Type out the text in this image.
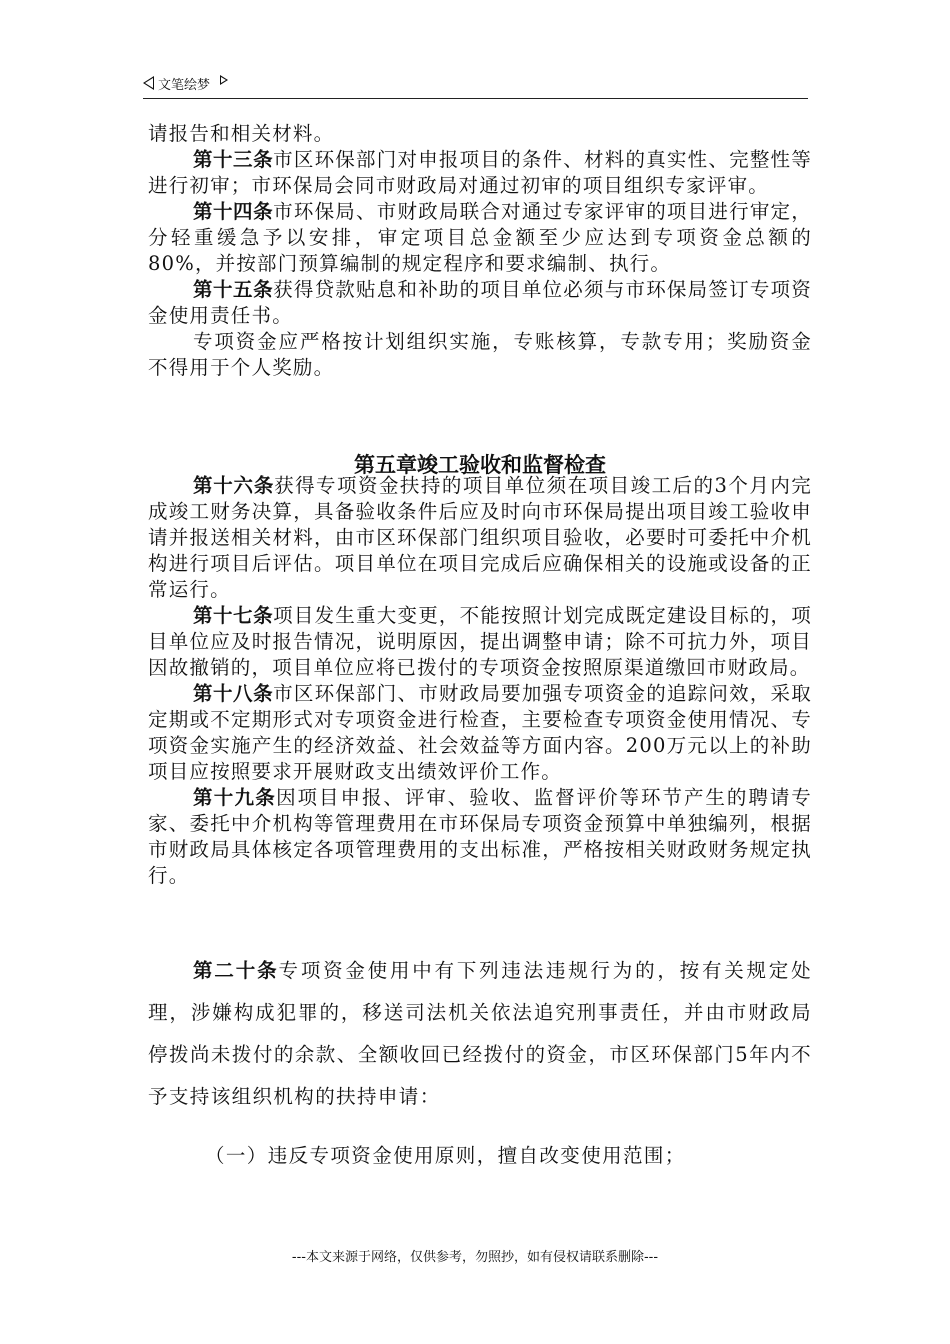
文笔绘梦

请报告和相关材料。

第十三条市区环保部门对申报项目的条件、材料的真实性、完整性等进行初审；市环保局会同市财政局对通过初审的项目组织专家评审。

第十四条市环保局、市财政局联合对通过专家评审的项目进行审定，分轻重缓急予以安排，审定项目总金额至少应达到专项资金总额的80%，并按部门预算编制的规定程序和要求编制、执行。

第十五条获得贷款贴息和补助的项目单位必须与市环保局签订专项资金使用责任书。

专项资金应严格按计划组织实施，专账核算，专款专用；奖励资金不得用于个人奖励。

第五章竣工验收和监督检查

第十六条获得专项资金扶持的项目单位须在项目竣工后的3个月内完成竣工财务决算，具备验收条件后应及时向市环保局提出项目竣工验收申请并报送相关材料，由市区环保部门组织项目验收，必要时可委托中介机构进行项目后评估。项目单位在项目完成后应确保相关的设施或设备的正常运行。

第十七条项目发生重大变更，不能按照计划完成既定建设目标的，项目单位应及时报告情况，说明原因，提出调整申请；除不可抗力外，项目因故撤销的，项目单位应将已拨付的专项资金按照原渠道缴回市财政局。

第十八条市区环保部门、市财政局要加强专项资金的追踪问效，采取定期或不定期形式对专项资金进行检查，主要检查专项资金使用情况、专项资金实施产生的经济效益、社会效益等方面内容。200万元以上的补助项目应按照要求开展财政支出绩效评价工作。

第十九条因项目申报、评审、验收、监督评价等环节产生的聘请专家、委托中介机构等管理费用在市环保局专项资金预算中单独编列，根据市财政局具体核定各项管理费用的支出标准，严格按相关财政财务规定执行。

第二十条专项资金使用中有下列违法违规行为的，按有关规定处理，涉嫌构成犯罪的，移送司法机关依法追究刑事责任，并由市财政局停拨尚未拨付的余款、全额收回已经拨付的资金，市区环保部门5年内不予支持该组织机构的扶持申请：

（一）违反专项资金使用原则，擅自改变使用范围；
---本文来源于网络，仅供参考，勿照抄，如有侵权请联系删除---
